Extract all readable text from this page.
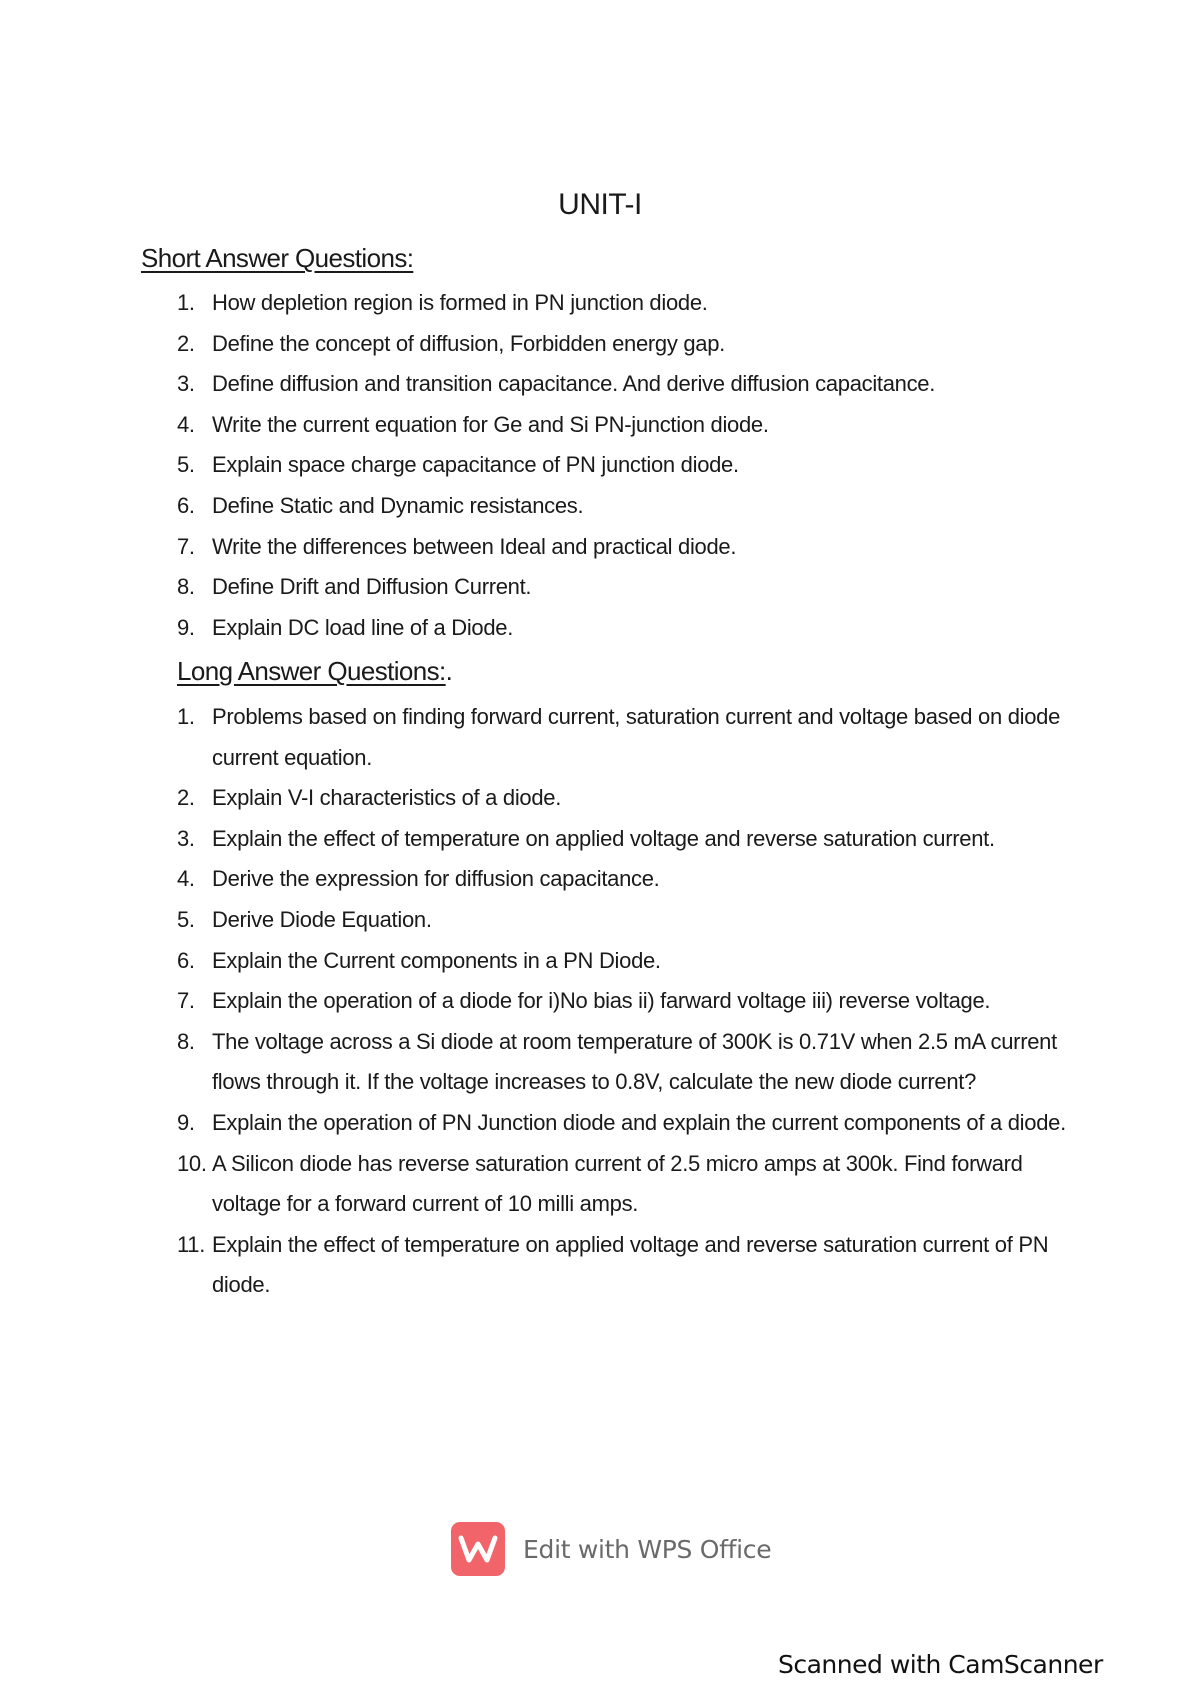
UNIT-I
Short Answer Questions:
1. How depletion region is formed in PN junction diode.
2. Define the concept of diffusion, Forbidden energy gap.
3. Define diffusion and transition capacitance. And derive diffusion capacitance.
4. Write the current equation for Ge and Si PN-junction diode.
5. Explain space charge capacitance of PN junction diode.
6. Define Static and Dynamic resistances.
7. Write the differences between Ideal and practical diode.
8. Define Drift and Diffusion Current.
9. Explain DC load line of a Diode.
Long Answer Questions:.
1. Problems based on finding forward current, saturation current and voltage based on diode current equation.
2. Explain V-I characteristics of a diode.
3. Explain the effect of temperature on applied voltage and reverse saturation current.
4. Derive the expression for diffusion capacitance.
5. Derive Diode Equation.
6. Explain the Current components in a PN Diode.
7. Explain the operation of a diode for i)No bias ii) farward voltage iii) reverse voltage.
8. The voltage across a Si diode at room temperature of 300K is 0.71V when 2.5 mA current flows through it. If the voltage increases to 0.8V, calculate the new diode current?
9. Explain the operation of PN Junction diode and explain the current components of a diode.
10. A Silicon diode has reverse saturation current of 2.5 micro amps at 300k. Find forward voltage for a forward current of 10 milli amps.
11. Explain the effect of temperature on applied voltage and reverse saturation current of PN diode.
Edit with WPS Office
Scanned with CamScanner
